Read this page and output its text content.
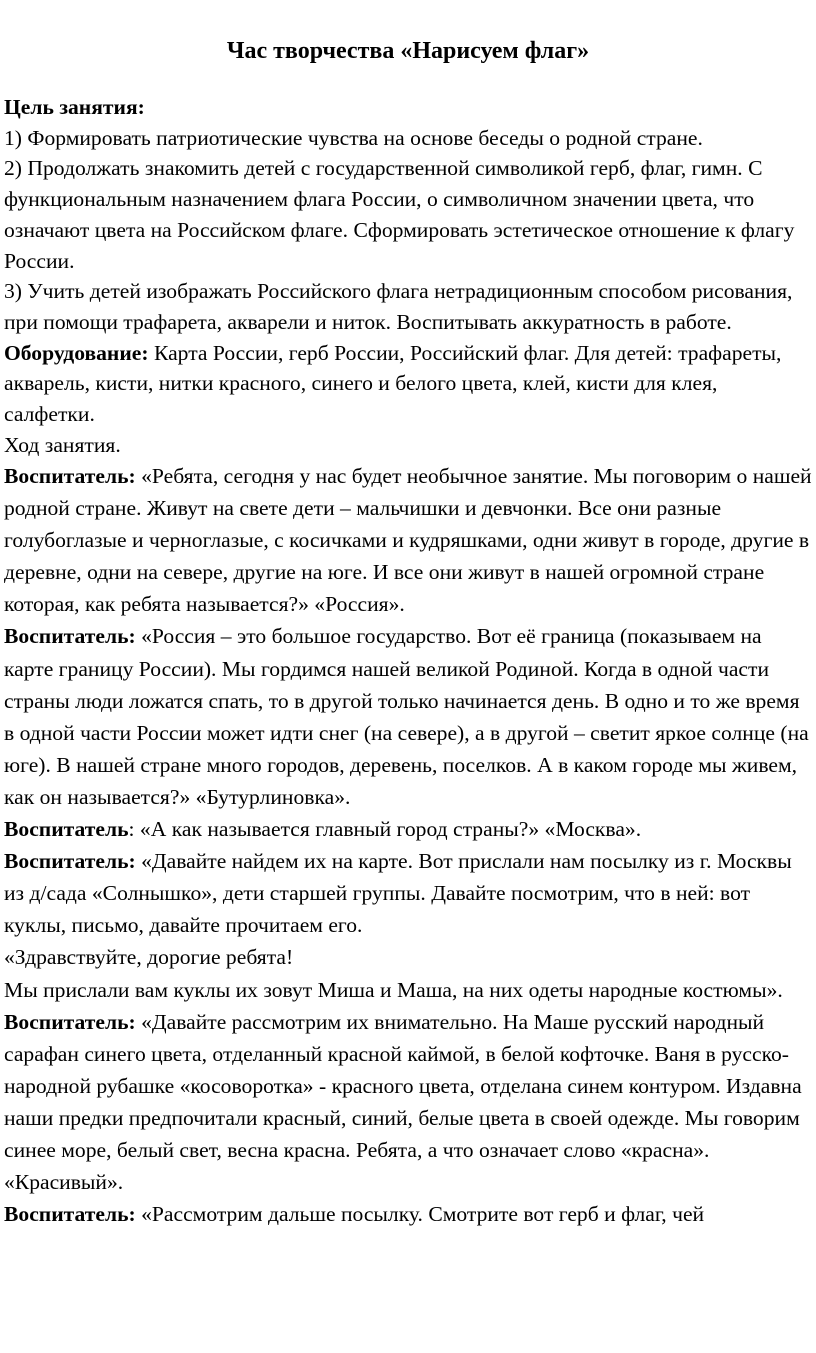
Час творчества «Нарисуем флаг»

Цель занятия:

1) Формировать патриотические чувства на основе беседы о родной стране.

2) Продолжать знакомить детей с государственной символикой герб, флаг, гимн. С функциональным назначением флага России, о символичном значении цвета, что означают цвета на Российском флаге. Сформировать эстетическое отношение к флагу России.

3) Учить детей изображать Российского флага нетрадиционным способом рисования, при помощи трафарета, акварели и ниток. Воспитывать аккуратность в работе.

Оборудование: Карта России, герб России, Российский флаг. Для детей: трафареты, акварель, кисти, нитки красного, синего и белого цвета, клей, кисти для клея, салфетки.

Ход занятия.

Воспитатель: «Ребята, сегодня у нас будет необычное занятие. Мы поговорим о нашей родной стране. Живут на свете дети – мальчишки и девчонки. Все они разные голубоглазые и черноглазые, с косичками и кудряшками, одни живут в городе, другие в деревне, одни на севере, другие на юге. И все они живут в нашей огромной стране которая, как ребята называется?» «Россия».

Воспитатель: «Россия – это большое государство. Вот её граница (показываем на карте границу России). Мы гордимся нашей великой Родиной. Когда в одной части страны люди ложатся спать, то в другой только начинается день. В одно и то же время в одной части России может идти снег (на севере), а в другой – светит яркое солнце (на юге). В нашей стране много городов, деревень, поселков. А в каком городе мы живем, как он называется?» «Бутурлиновка».

Воспитатель: «А как называется главный город страны?» «Москва».

Воспитатель: «Давайте найдем их на карте. Вот прислали нам посылку из г. Москвы из д/сада «Солнышко», дети старшей группы. Давайте посмотрим, что в ней: вот куклы, письмо, давайте прочитаем его.

«Здравствуйте, дорогие ребята!

Мы прислали вам куклы их зовут Миша и Маша, на них одеты народные костюмы».

Воспитатель: «Давайте рассмотрим их внимательно. На Маше русский народный сарафан синего цвета, отделанный красной каймой, в белой кофточке. Ваня в русско-народной рубашке «косоворотка» - красного цвета, отделана синем контуром. Издавна наши предки предпочитали красный, синий, белые цвета в своей одежде. Мы говорим синее море, белый свет, весна красна. Ребята, а что означает слово «красна». «Красивый».

Воспитатель: «Рассмотрим дальше посылку. Смотрите вот герб и флаг, чей
